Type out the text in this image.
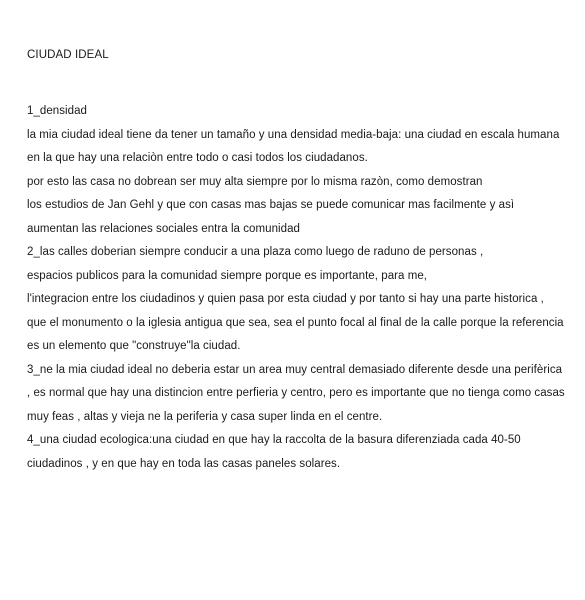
CIUDAD IDEAL
1_densidad
la mia ciudad ideal tiene da tener un tamaño y una densidad media-baja: una ciudad en escala humana
en la que hay una relaciòn entre todo o casi todos los ciudadanos.
por esto las casa no dobrean ser muy alta siempre por lo misma razòn, como demostran
los estudios de Jan Gehl y que con casas mas bajas se puede comunicar mas facilmente y asì
aumentan las relaciones sociales entra la comunidad
2_las calles doberian siempre conducir a una plaza como luego de raduno de personas ,
espacios publicos para la comunidad siempre porque es importante, para me,
l'integracion entre los ciudadinos y quien pasa por esta ciudad y por tanto si hay una parte historica ,
que el monumento o la iglesia antigua que sea, sea el punto focal al final de la calle porque la referencia
es un elemento que "construye"la ciudad.
3_ne la mia ciudad ideal no deberia estar un area muy central demasiado diferente desde una perifèrica
, es normal que hay una distincion entre perfieria y centro, pero es importante que no tienga como casas
muy feas , altas y vieja ne la periferia y casa super linda en el centre.
4_una ciudad ecologica:una ciudad en que hay la raccolta de la basura diferenziada cada 40-50
ciudadinos , y en que hay en toda las casas paneles solares.
